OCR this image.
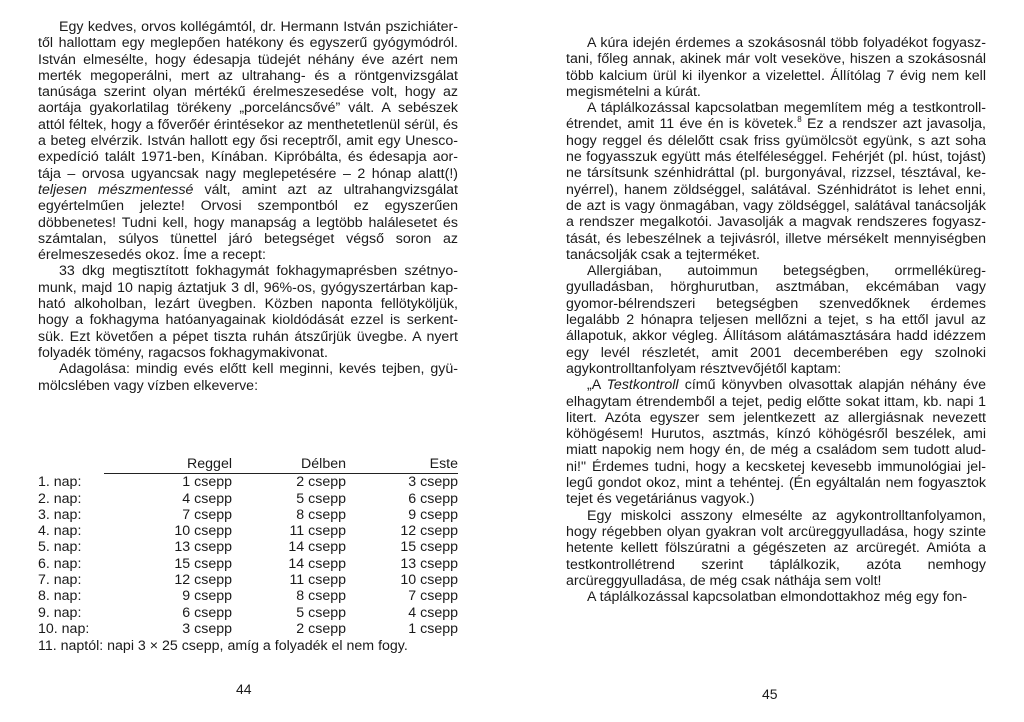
Egy kedves, orvos kollégámtól, dr. Hermann István pszichiátertől hallottam egy meglepően hatékony és egyszerű gyógymódról. István elmesélte, hogy édesapja tüdejét néhány éve azért nem merték megoperálni, mert az ultrahang- és a röntgenvizsgálat tanúsága szerint olyan mértékű érelmeszesedése volt, hogy az aortája gyakorlatilag törékeny „porceláncsővé” vált. A sebészek attól féltek, hogy a főverőér érintésekor az menthetetlenül sérül, és a beteg elvérzik. István hallott egy ősi receptről, amit egy Unesco-expedíció talált 1971-ben, Kínában. Kipróbálta, és édesapja aortája – orvosa ugyancsak nagy meglepetésére – 2 hónap alatt(!) teljesen mészmentessé vált, amint azt az ultrahangvizsgálat egyértelműen jelezte! Orvosi szempontból ez egyszerűen döbbenetes! Tudni kell, hogy manapság a legtöbb halálesetet és számtalan, súlyos tünettel járó betegséget végső soron az érelmeszesedés okoz. Íme a recept:

33 dkg megtisztított fokhagymát fokhagymaprésben szétnyomunk, majd 10 napig áztatjuk 3 dl, 96%-os, gyógyszertárban kapható alkoholban, lezárt üvegben. Közben naponta fellötyköljük, hogy a fokhagyma hatóanyagainak kioldódását ezzel is serkentsük. Ezt követően a pépet tiszta ruhán átszűrjük üvegbe. A nyert folyadék tömény, ragacsos fokhagymakivonat.

Adagolása: mindig evés előtt kell meginni, kevés tejben, gyümölcslében vagy vízben elkeverve:

	Reggel	Délben	Este
1. nap:	1 csepp	2 csepp	3 csepp
2. nap:	4 csepp	5 csepp	6 csepp
3. nap:	7 csepp	8 csepp	9 csepp
4. nap:	10 csepp	11 csepp	12 csepp
5. nap:	13 csepp	14 csepp	15 csepp
6. nap:	15 csepp	14 csepp	13 csepp
7. nap:	12 csepp	11 csepp	10 csepp
8. nap:	9 csepp	8 csepp	7 csepp
9. nap:	6 csepp	5 csepp	4 csepp
10. nap:	3 csepp	2 csepp	1 csepp
11. naptól: napi 3 × 25 csepp, amíg a folyadék el nem fogy.
44

A kúra idején érdemes a szokásosnál több folyadékot fogyasztani, főleg annak, akinek már volt veseköve, hiszen a szokásosnál több kalcium ürül ki ilyenkor a vizelettel. Állítólag 7 évig nem kell megismételni a kúrát.

A táplálkozással kapcsolatban megemlítem még a testkontroll-étrendet, amit 11 éve én is követek.$^8$ Ez a rendszer azt javasolja, hogy reggel és délelőtt csak friss gyümölcsöt együnk, s azt soha ne fogyasszuk együtt más ételféleséggel. Fehérjét (pl. húst, tojást) ne társítsunk szénhidráttal (pl. burgonyával, rizzsel, tésztával, kenyérrel), hanem zöldséggel, salátával. Szénhidrátot is lehet enni, de azt is vagy önmagában, vagy zöldséggel, salátával tanácsolják a rendszer megalkotói. Javasolják a magvak rendszeres fogyasztását, és lebeszélnek a tejivásról, illetve mérsékelt mennyiségben tanácsolják csak a tejterméket.

Allergiában, autoimmun betegségben, orrmelléküreg-gyulladásban, hörghurutban, asztmában, ekcémában vagy gyomor-bélrendszeri betegségben szenvedőknek érdemes legalább 2 hónapra teljesen mellőzni a tejet, s ha ettől javul az állapotuk, akkor végleg. Állításom alátámasztására hadd idézzem egy levél részletét, amit 2001 decemberében egy szolnoki agykontrolltanfolyam résztvevőjétől kaptam:

„A Testkontroll című könyvben olvasottak alapján néhány éve elhagytam étrendemből a tejet, pedig előtte sokat ittam, kb. napi 1 litert. Azóta egyszer sem jelentkezett az allergiásnak nevezett köhögésem! Hurutos, asztmás, kínzó köhögésről beszélek, ami miatt napokig nem hogy én, de még a családom sem tudott aludni!" Érdemes tudni, hogy a kecsketej kevesebb immunológiai jellegű gondot okoz, mint a tehéntej. (Én egyáltalán nem fogyasztok tejet és vegetáriánus vagyok.)

Egy miskolci asszony elmesélte az agykontrolltanfolyamon, hogy régebben olyan gyakran volt arcüreggyulladása, hogy szinte hetente kellett fölszúratni a gégészeten az arcüregét. Amióta a testkontrollétrend szerint táplálkozik, azóta nemhogy arcüreggyulladása, de még csak náthája sem volt!

A táplálkozással kapcsolatban elmondottakhoz még egy fon-

45
